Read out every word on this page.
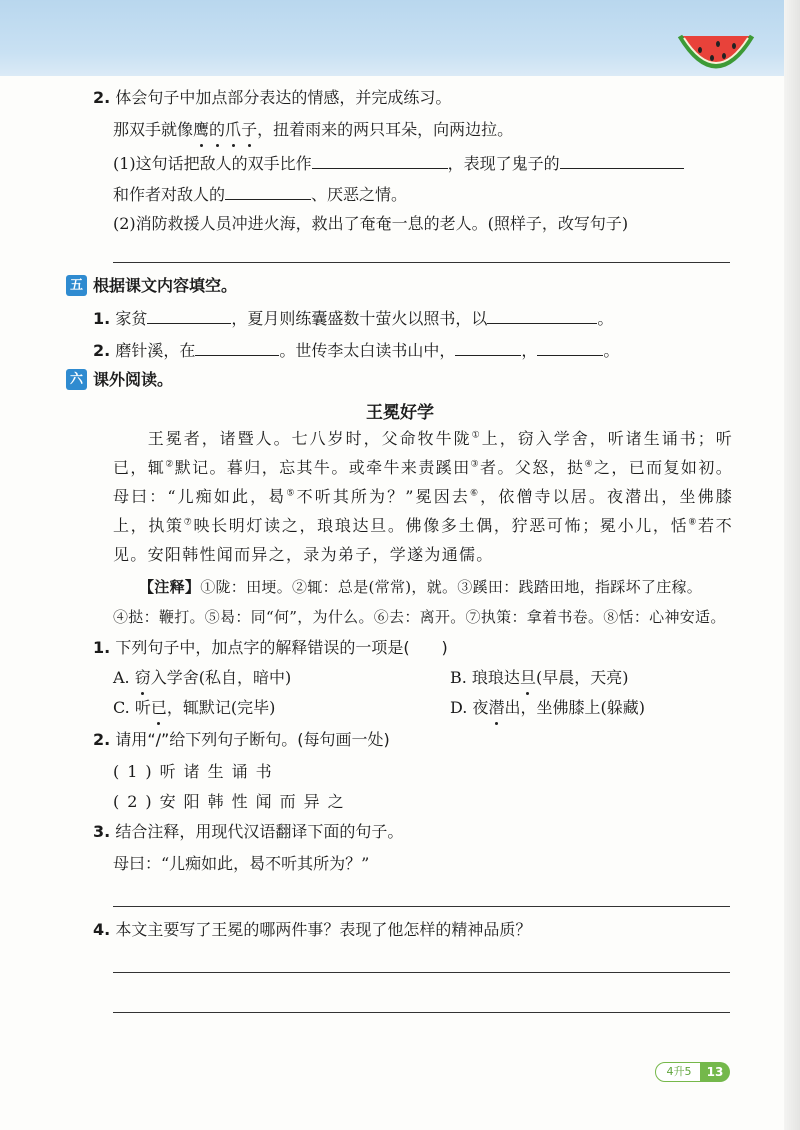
2. 体会句子中加点部分表达的情感，并完成练习。
那双手就像鹰的爪子，扭着雨来的两只耳朵，向两边拉。
(1)这句话把敌人的双手比作	，表现了鬼子的
和作者对敌人的	、厌恶之情。
(2)消防救援人员冲进火海，救出了奄奄一息的老人。(照样子，改写句子)
五 根据课文内容填空。
1. 家贫	，夏月则练囊盛数十萤火以照书，以	。
2. 磨针溪，在	。世传李太白读书山中，	，	。
六 课外阅读。
王冕好学

王冕者，诸暨人。七八岁时，父命牧牛陇①上，窃入学舍，听诸生诵书；听已，辄②默记。暮归，忘其牛。或牵牛来责蹊田③者。父怒，挞④之，已而复如初。母曰：“儿痴如此，曷⑤不听其所为？”冕因去⑥，依僧寺以居。夜潜出，坐佛膝上，执策⑦映长明灯读之，琅琅达旦。佛像多土偶，狞恶可怖；冕小儿，恬⑧若不见。安阳韩性闻而异之，录为弟子，学遂为通儒。

【注释】①陇：田埂。②辄：总是(常常)，就。③蹊田：践踏田地，指踩坏了庄稼。

④挞：鞭打。⑤曷：同“何”，为什么。⑥去：离开。⑦执策：拿着书卷。⑧恬：心神安适。

1. 下列句子中，加点字的解释错误的一项是(　　)
A. 窃入学舍(私自，暗中)	B. 琅琅达旦(早晨，天亮)
C. 听已，辄默记(完毕)	D. 夜潜出，坐佛膝上(躲藏)
2. 请用“/”给下列句子断句。(每句画一处)
(1)听诸生诵书
(2)安阳韩性闻而异之
3. 结合注释，用现代汉语翻译下面的句子。
母曰：“儿痴如此，曷不听其所为？”
4. 本文主要写了王冕的哪两件事？表现了他怎样的精神品质？
4升5	13
